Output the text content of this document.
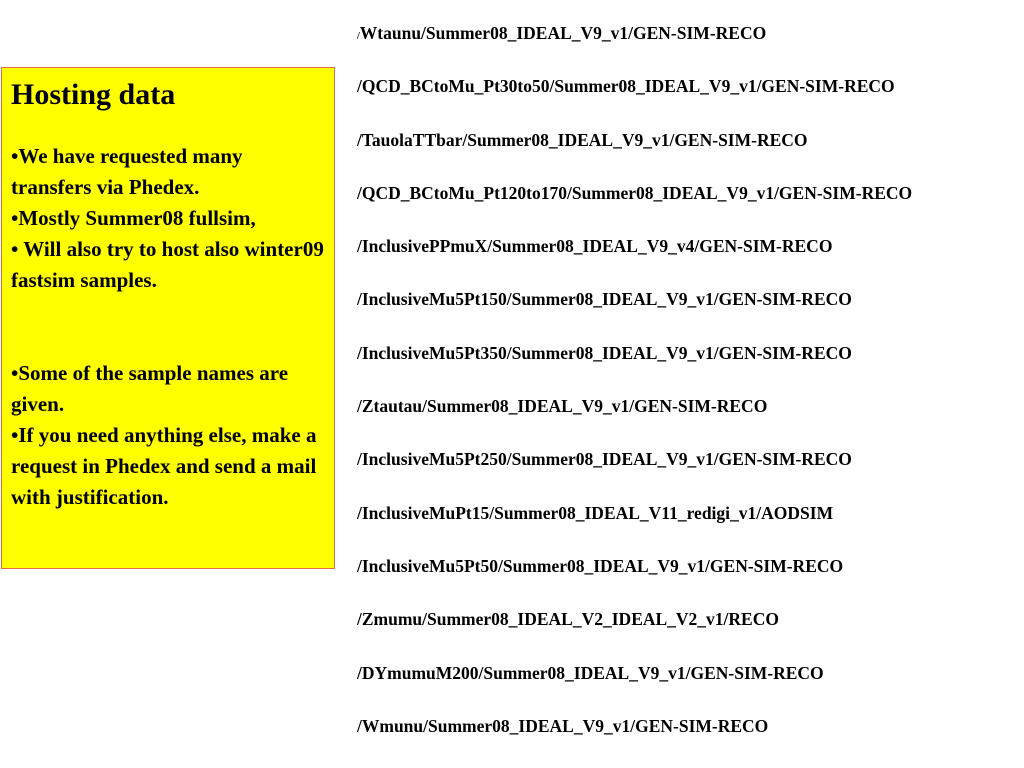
Hosting data
•We have requested many transfers via Phedex.
•Mostly Summer08 fullsim,
• Will also try to host also winter09 fastsim samples.
•Some of the sample names are given.
•If you need anything else, make a request in Phedex and send a mail with justification.
/Wtaunu/Summer08_IDEAL_V9_v1/GEN-SIM-RECO
/QCD_BCtoMu_Pt30to50/Summer08_IDEAL_V9_v1/GEN-SIM-RECO
/TauolaTTbar/Summer08_IDEAL_V9_v1/GEN-SIM-RECO
/QCD_BCtoMu_Pt120to170/Summer08_IDEAL_V9_v1/GEN-SIM-RECO
/InclusivePPmuX/Summer08_IDEAL_V9_v4/GEN-SIM-RECO
/InclusiveMu5Pt150/Summer08_IDEAL_V9_v1/GEN-SIM-RECO
/InclusiveMu5Pt350/Summer08_IDEAL_V9_v1/GEN-SIM-RECO
/Ztautau/Summer08_IDEAL_V9_v1/GEN-SIM-RECO
/InclusiveMu5Pt250/Summer08_IDEAL_V9_v1/GEN-SIM-RECO
/InclusiveMuPt15/Summer08_IDEAL_V11_redigi_v1/AODSIM
/InclusiveMu5Pt50/Summer08_IDEAL_V9_v1/GEN-SIM-RECO
/Zmumu/Summer08_IDEAL_V2_IDEAL_V2_v1/RECO
/DYmumuM200/Summer08_IDEAL_V9_v1/GEN-SIM-RECO
/Wmunu/Summer08_IDEAL_V9_v1/GEN-SIM-RECO
